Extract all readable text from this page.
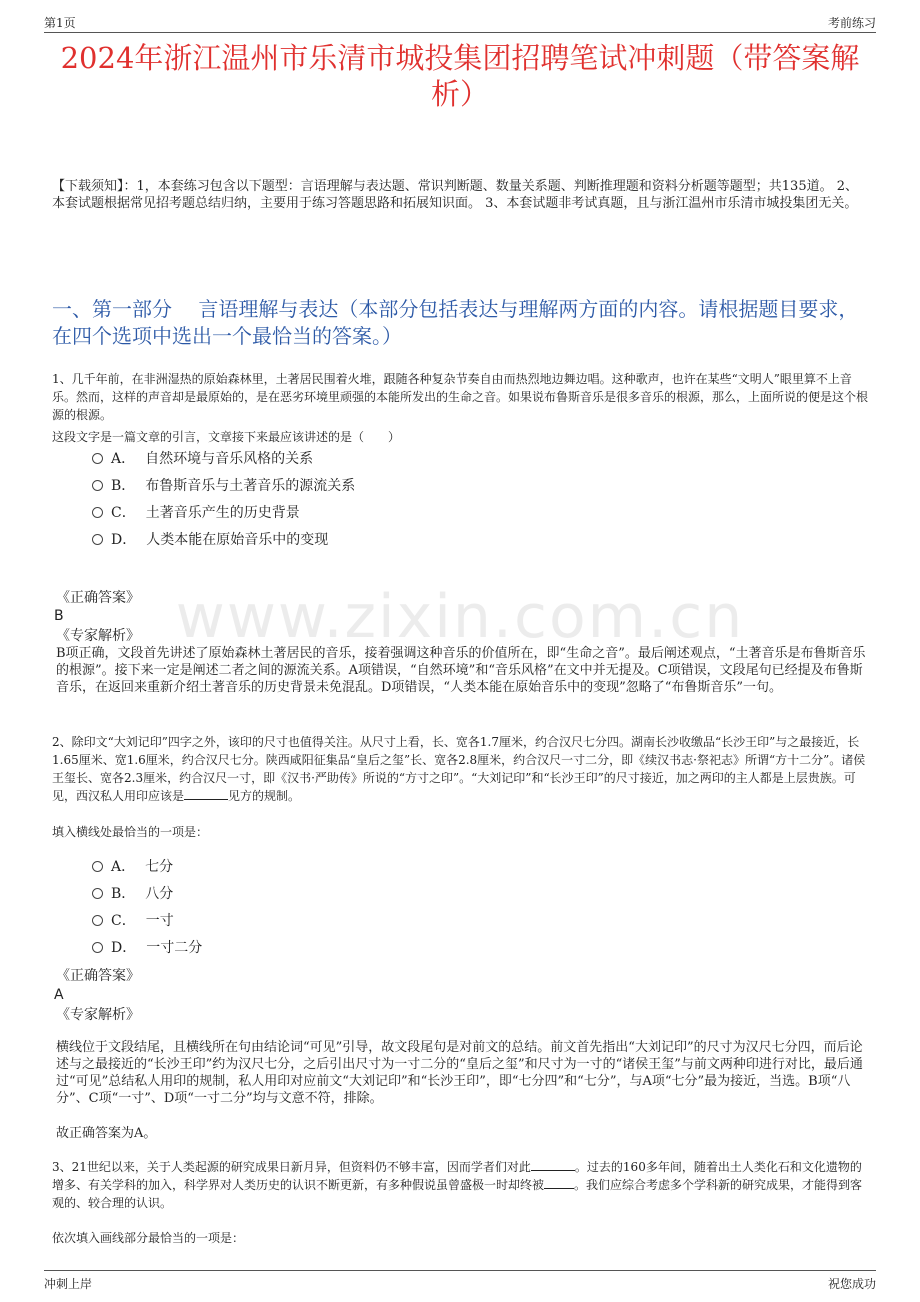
第1页	考前练习
2024年浙江温州市乐清市城投集团招聘笔试冲刺题（带答案解析）
【下载须知】：1，本套练习包含以下题型：言语理解与表达题、常识判断题、数量关系题、判断推理题和资料分析题等题型；共135道。 2、本套试题根据常见招考题总结归纳，主要用于练习答题思路和拓展知识面。 3、本套试题非考试真题，且与浙江温州市乐清市城投集团无关。
一、第一部分　 言语理解与表达（本部分包括表达与理解两方面的内容。请根据题目要求，在四个选项中选出一个最恰当的答案。）
1、几千年前，在非洲湿热的原始森林里，土著居民围着火堆，跟随各种复杂节奏自由而热烈地边舞边唱。这种歌声，也许在某些“文明人”眼里算不上音乐。然而，这样的声音却是最原始的，是在恶劣环境里顽强的本能所发出的生命之音。如果说布鲁斯音乐是很多音乐的根源，那么，上面所说的便是这个根源的根源。
这段文字是一篇文章的引言，文章接下来最应该讲述的是（　　）
A． 自然环境与音乐风格的关系
B． 布鲁斯音乐与土著音乐的源流关系
C． 土著音乐产生的历史背景
D． 人类本能在原始音乐中的变现
www.zixin.com.cn
《正确答案》
B
《专家解析》
B项正确，文段首先讲述了原始森林土著居民的音乐，接着强调这种音乐的价值所在，即“生命之音”。最后阐述观点，“土著音乐是布鲁斯音乐的根源”。接下来一定是阐述二者之间的源流关系。A项错误，“自然环境”和“音乐风格”在文中并无提及。C项错误，文段尾句已经提及布鲁斯音乐，在返回来重新介绍土著音乐的历史背景未免混乱。D项错误，“人类本能在原始音乐中的变现”忽略了“布鲁斯音乐”一句。
2、除印文“大刘记印”四字之外，该印的尺寸也值得关注。从尺寸上看，长、宽各1.7厘米，约合汉尺七分四。湖南长沙收缴品“长沙王印”与之最接近，长1.65厘米、宽1.6厘米，约合汉尺七分。陕西咸阳征集品“皇后之玺”长、宽各2.8厘米，约合汉尺一寸二分，即《续汉书志·祭祀志》所谓“方十二分”。诸侯王玺长、宽各2.3厘米，约合汉尺一寸，即《汉书·严助传》所说的“方寸之印”。“大刘记印”和“长沙王印”的尺寸接近，加之两印的主人都是上层贵族。可见，西汉私人用印应该是	见方的规制。
填入横线处最恰当的一项是：
A． 七分
B． 八分
C． 一寸
D． 一寸二分
《正确答案》
A
《专家解析》
横线位于文段结尾，且横线所在句由结论词“可见”引导，故文段尾句是对前文的总结。前文首先指出“大刘记印”的尺寸为汉尺七分四，而后论述与之最接近的“长沙王印”约为汉尺七分，之后引出尺寸为一寸二分的“皇后之玺”和尺寸为一寸的“诸侯王玺”与前文两种印进行对比，最后通过“可见”总结私人用印的规制，私人用印对应前文“大刘记印”和“长沙王印”，即“七分四”和“七分”，与A项“七分”最为接近，当选。B项“八分”、C项“一寸”、D项“一寸二分”均与文意不符，排除。
故正确答案为A。
3、21世纪以来，关于人类起源的研究成果日新月异，但资料仍不够丰富，因而学者们对此	。过去的160多年间，随着出土人类化石和文化遗物的增多、有关学科的加入，科学界对人类历史的认识不断更新，有多种假说虽曾盛极一时却终被	。我们应综合考虑多个学科新的研究成果，才能得到客观的、较合理的认识。
依次填入画线部分最恰当的一项是：
冲刺上岸	祝您成功
